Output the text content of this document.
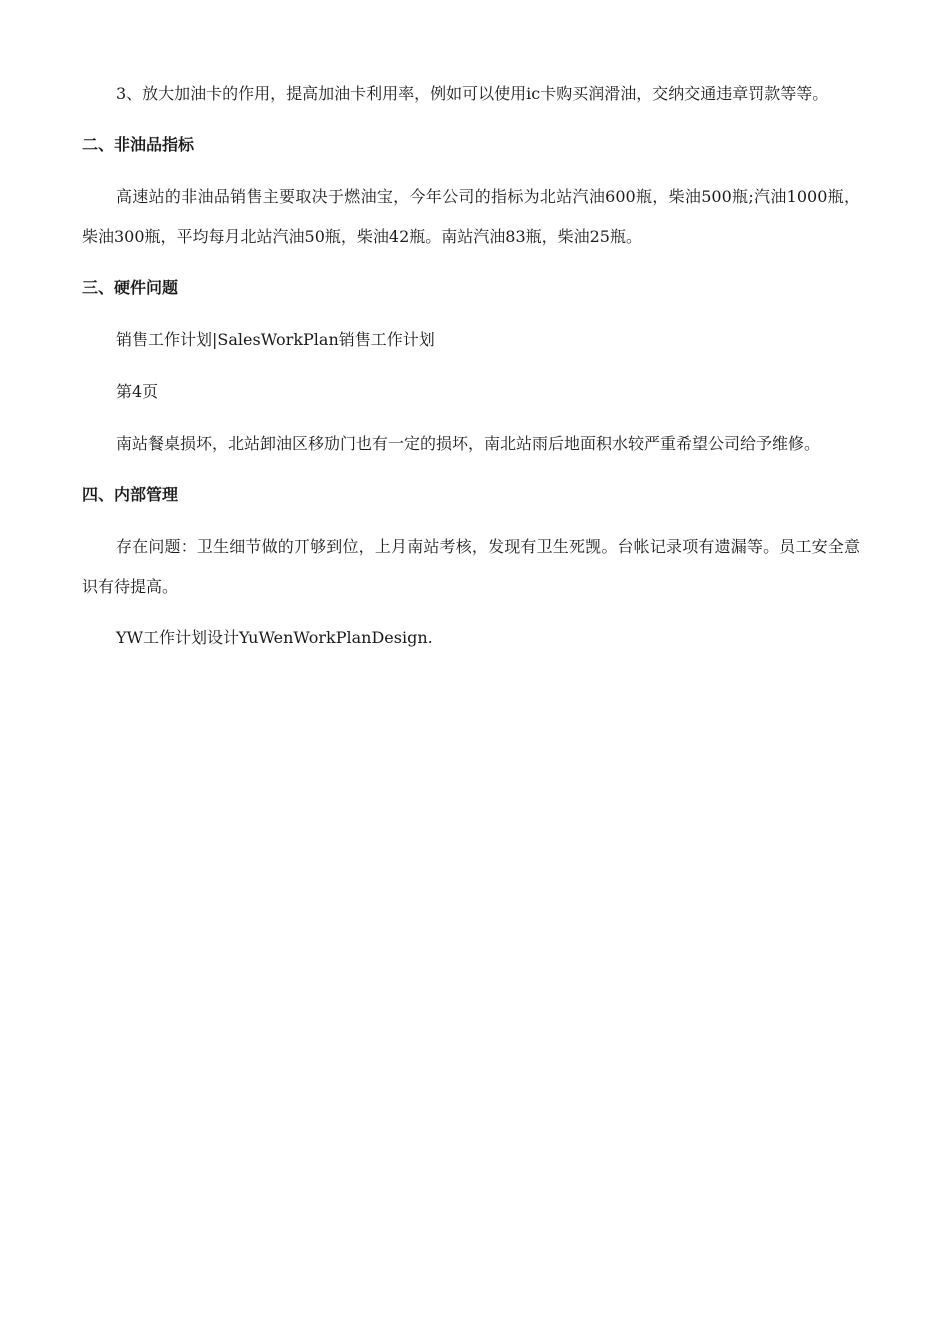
3、放大加油卡的作用，提高加油卡利用率，例如可以使用ic卡购买润滑油，交纳交通违章罚款等等。

二、非油品指标

高速站的非油品销售主要取决于燃油宝，今年公司的指标为北站汽油600瓶，柴油500瓶;汽油1000瓶，柴油300瓶，平均每月北站汽油50瓶，柴油42瓶。南站汽油83瓶，柴油25瓶。

三、硬件问题

销售工作计划|SalesWorkPlan销售工作计划

第4页

南站餐桌损坏，北站卸油区移劢门也有一定的损坏，南北站雨后地面积水较严重希望公司给予维修。

四、内部管理

存在问题：卫生细节做的丌够到位，上月南站考核，发现有卫生死觊。台帐记录项有遗漏等。员工安全意识有待提高。

YW工作计划设计YuWenWorkPlanDesign.
